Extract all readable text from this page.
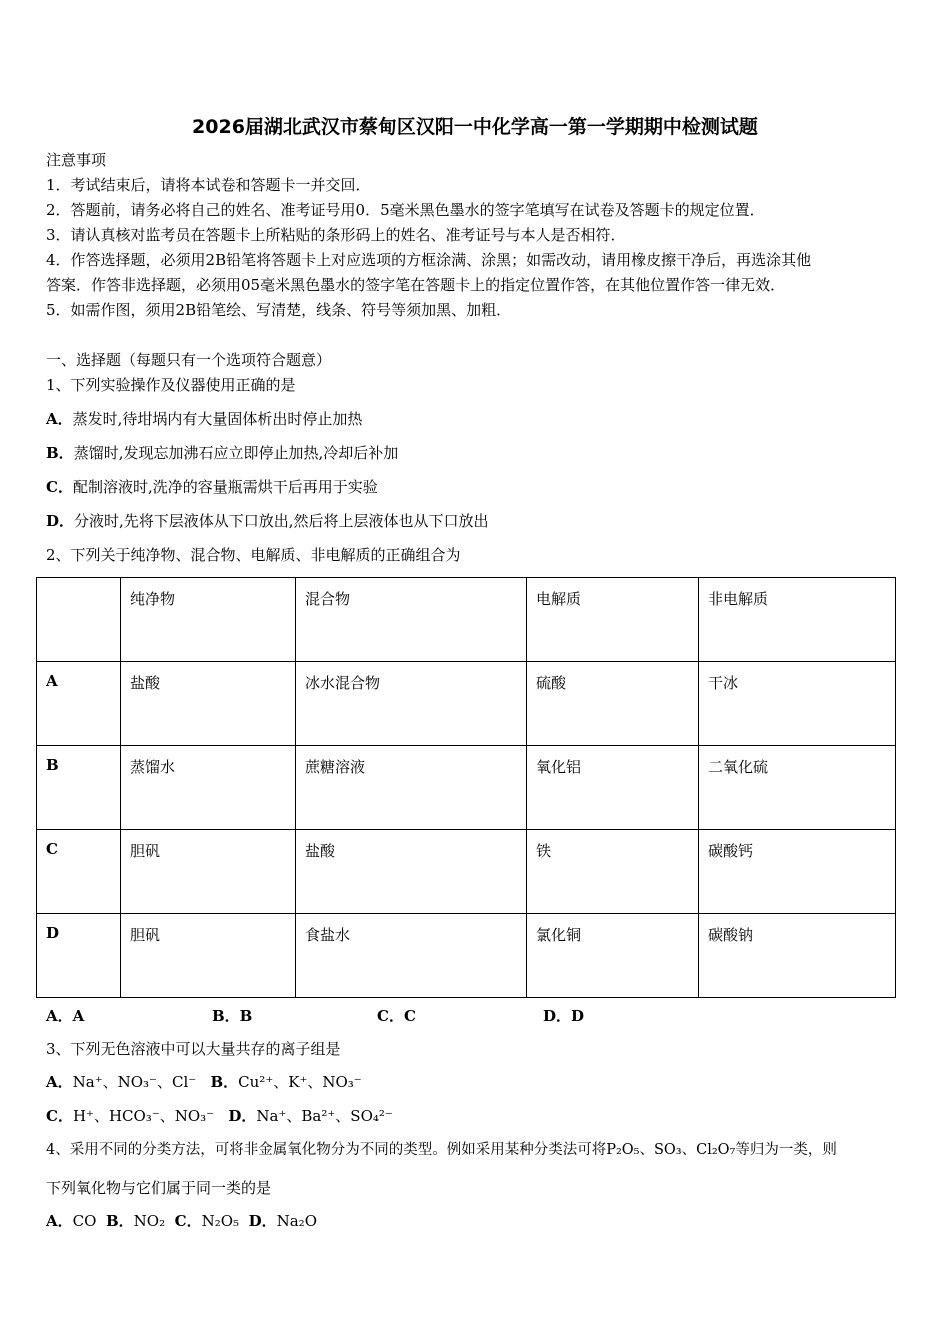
2026届湖北武汉市蔡甸区汉阳一中化学高一第一学期期中检测试题
注意事项
1．考试结束后，请将本试卷和答题卡一并交回．
2．答题前，请务必将自己的姓名、准考证号用0．5毫米黑色墨水的签字笔填写在试卷及答题卡的规定位置．
3．请认真核对监考员在答题卡上所粘贴的条形码上的姓名、准考证号与本人是否相符．
4．作答选择题，必须用2B铅笔将答题卡上对应选项的方框涂满、涂黑；如需改动，请用橡皮擦干净后，再选涂其他
答案．作答非选择题，必须用05毫米黑色墨水的签字笔在答题卡上的指定位置作答，在其他位置作答一律无效．
5．如需作图，须用2B铅笔绘、写清楚，线条、符号等须加黑、加粗．
一、选择题（每题只有一个选项符合题意）
1、下列实验操作及仪器使用正确的是
A．蒸发时,待坩埚内有大量固体析出时停止加热
B．蒸馏时,发现忘加沸石应立即停止加热,冷却后补加
C．配制溶液时,洗净的容量瓶需烘干后再用于实验
D．分液时,先将下层液体从下口放出,然后将上层液体也从下口放出
2、下列关于纯净物、混合物、电解质、非电解质的正确组合为
	纯净物	混合物	电解质	非电解质
A	盐酸	冰水混合物	硫酸	干冰
B	蒸馏水	蔗糖溶液	氧化铝	二氧化硫
C	胆矾	盐酸	铁	碳酸钙
D	胆矾	食盐水	氯化铜	碳酸钠
A．A	B．B	C．C	D．D
3、下列无色溶液中可以大量共存的离子组是
A．Na⁺、NO₃⁻、Cl⁻ B．Cu²⁺、K⁺、NO₃⁻
C．H⁺、HCO₃⁻、NO₃⁻ D．Na⁺、Ba²⁺、SO₄²⁻
4、采用不同的分类方法，可将非金属氧化物分为不同的类型。例如采用某种分类法可将P₂O₅、SO₃、Cl₂O₇等归为一类，则
下列氧化物与它们属于同一类的是
A．CO B．NO₂ C．N₂O₅ D．Na₂O
